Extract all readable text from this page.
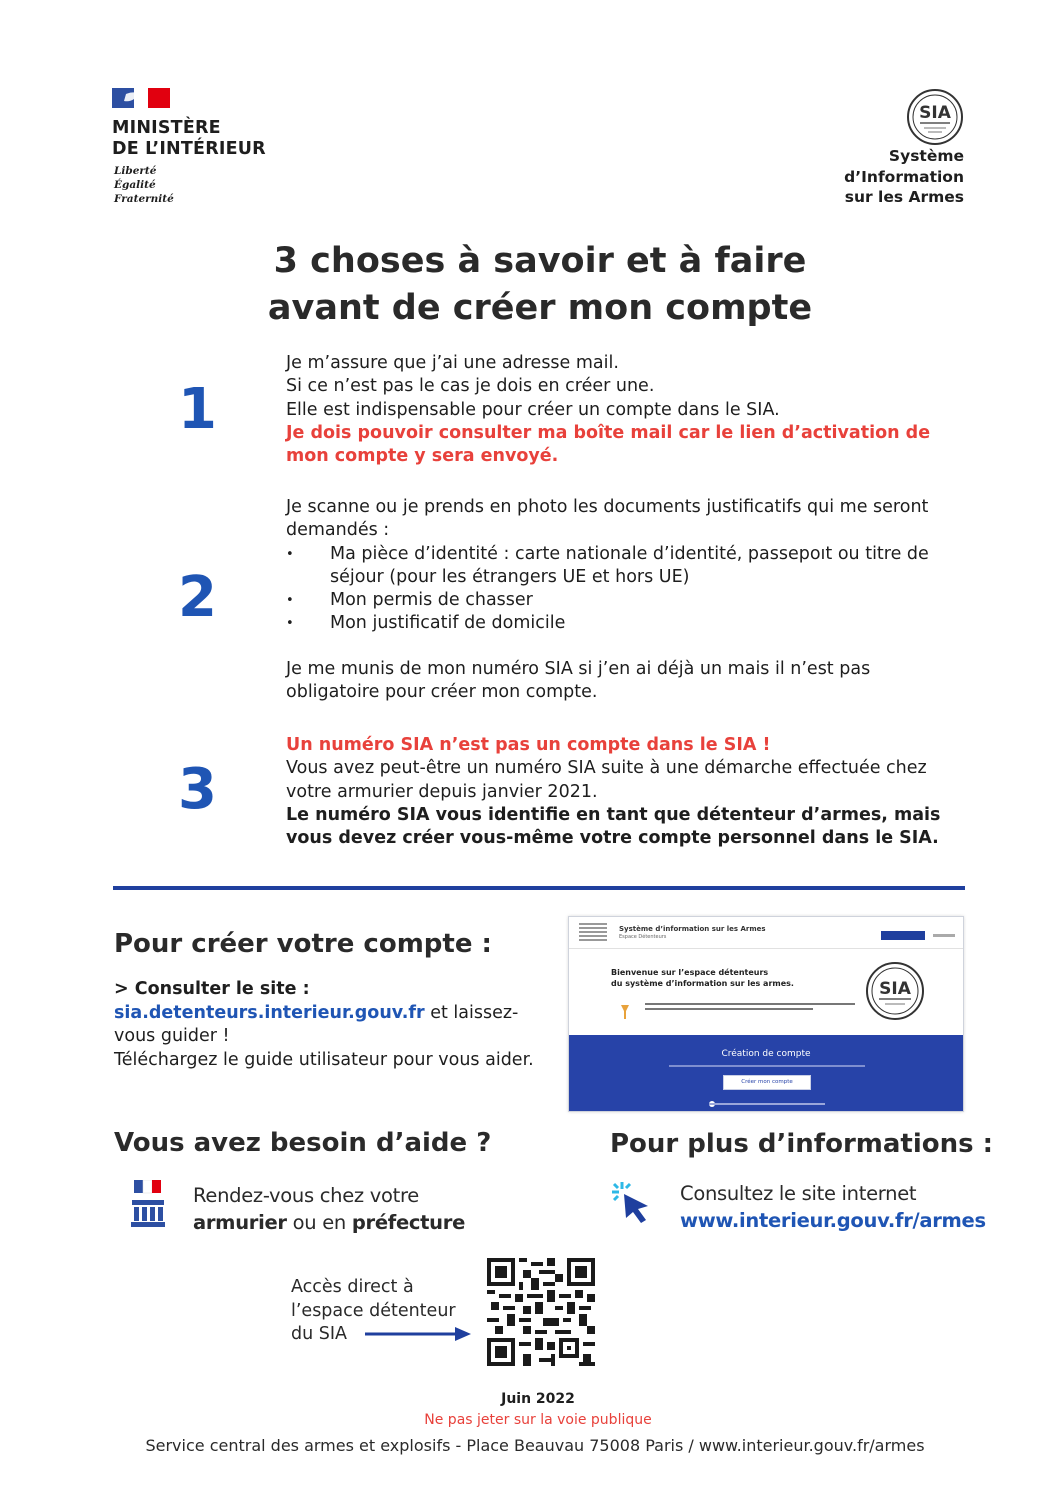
MINISTÈRE
DE L’INTÉRIEUR
Liberté
Égalité
Fraternité
SIA
Système
d’Information
sur les Armes
3 choses à savoir et à faire
avant de créer mon compte
1

Je m’assure que j’ai une adresse mail.

Si ce n’est pas le cas je dois en créer une.

Elle est indispensable pour créer un compte dans le SIA.

Je dois pouvoir consulter ma boîte mail car le lien d’activation de mon compte y sera envoyé.

2

Je scanne ou je prends en photo les documents justificatifs qui me seront demandés :

• Ma pièce d’identité : carte nationale d’identité, passepoıt ou titre de séjour (pour les étrangers UE et hors UE)
• Mon permis de chasser
• Mon justificatif de domicile

Je me munis de mon numéro SIA si j’en ai déjà un mais il n’est pas obligatoire pour créer mon compte.

3

Un numéro SIA n’est pas un compte dans le SIA !

Vous avez peut-être un numéro SIA suite à une démarche effectuée chez votre armurier depuis janvier 2021.

Le numéro SIA vous identifie en tant que détenteur d’armes, mais vous devez créer vous-même votre compte personnel dans le SIA.

Pour créer votre compte :

> Consulter le site :

sia.detenteurs.interieur.gouv.fr et laissez-vous guider !

Téléchargez le guide utilisateur pour vous aider.

Système d’information sur les Armes
Espace Détenteurs
Bienvenue sur l’espace détenteurs
du système d’information sur les armes.	SIA
Création de compte
Créer mon compte
Vous avez besoin d’aide ?
Rendez-vous chez votre
armurier ou en préfecture
Pour plus d’informations :
Consultez le site internet
www.interieur.gouv.fr/armes
Accès direct à
l’espace détenteur
du SIA
Juin 2022
Ne pas jeter sur la voie publique
Service central des armes et explosifs - Place Beauvau 75008 Paris / www.interieur.gouv.fr/armes
